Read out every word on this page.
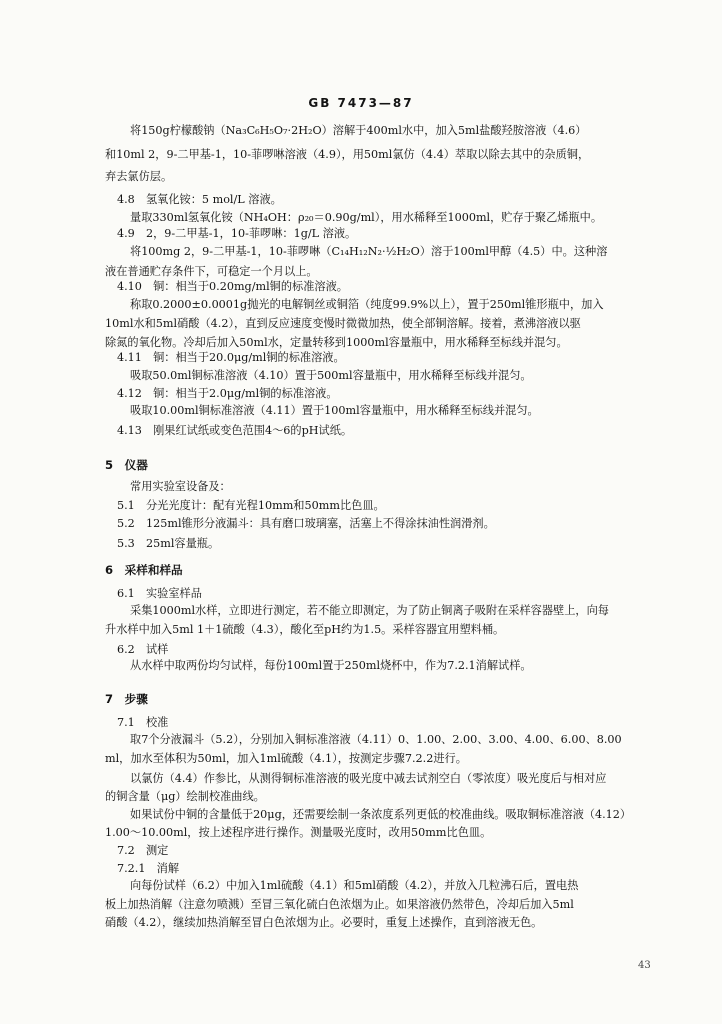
GB 7473—87
将150g柠檬酸钠（Na₃C₆H₅O₇·2H₂O）溶解于400ml水中，加入5ml盐酸羟胺溶液（4.6）
和10ml 2，9-二甲基-1，10-菲啰啉溶液（4.9），用50ml氯仿（4.4）萃取以除去其中的杂质铜，
弃去氯仿层。
4.8　氢氧化铵：5 mol/L 溶液。
量取330ml氢氧化铵（NH₄OH：ρ₂₀＝0.90g/ml），用水稀释至1000ml，贮存于聚乙烯瓶中。
4.9　2，9-二甲基-1，10-菲啰啉：1g/L 溶液。
将100mg 2，9-二甲基-1，10-菲啰啉（C₁₄H₁₂N₂·½H₂O）溶于100ml甲醇（4.5）中。这种溶
液在普通贮存条件下，可稳定一个月以上。
4.10　铜：相当于0.20mg/ml铜的标准溶液。
称取0.2000±0.0001g抛光的电解铜丝或铜箔（纯度99.9%以上），置于250ml锥形瓶中，加入
10ml水和5ml硝酸（4.2），直到反应速度变慢时微微加热，使全部铜溶解。接着，煮沸溶液以驱
除氮的氧化物。冷却后加入50ml水，定量转移到1000ml容量瓶中，用水稀释至标线并混匀。
4.11　铜：相当于20.0μg/ml铜的标准溶液。
吸取50.0ml铜标准溶液（4.10）置于500ml容量瓶中，用水稀释至标线并混匀。
4.12　铜：相当于2.0μg/ml铜的标准溶液。
吸取10.00ml铜标准溶液（4.11）置于100ml容量瓶中，用水稀释至标线并混匀。
4.13　刚果红试纸或变色范围4～6的pH试纸。
5　仪器
常用实验室设备及：
5.1　分光光度计：配有光程10mm和50mm比色皿。
5.2　125ml锥形分液漏斗：具有磨口玻璃塞，活塞上不得涂抹油性润滑剂。
5.3　25ml容量瓶。
6　采样和样品
6.1　实验室样品
采集1000ml水样，立即进行测定，若不能立即测定，为了防止铜离子吸附在采样容器壁上，向每
升水样中加入5ml 1＋1硫酸（4.3），酸化至pH约为1.5。采样容器宜用塑料桶。
6.2　试样
从水样中取两份均匀试样，每份100ml置于250ml烧杯中，作为7.2.1消解试样。
7　步骤
7.1　校准
取7个分液漏斗（5.2），分别加入铜标准溶液（4.11）0、1.00、2.00、3.00、4.00、6.00、8.00
ml，加水至体积为50ml，加入1ml硫酸（4.1），按测定步骤7.2.2进行。
以氯仿（4.4）作参比，从测得铜标准溶液的吸光度中减去试剂空白（零浓度）吸光度后与相对应
的铜含量（μg）绘制校准曲线。
如果试份中铜的含量低于20μg，还需要绘制一条浓度系列更低的校准曲线。吸取铜标准溶液（4.12）
1.00～10.00ml，按上述程序进行操作。测量吸光度时，改用50mm比色皿。
7.2　测定
7.2.1　消解
向每份试样（6.2）中加入1ml硫酸（4.1）和5ml硝酸（4.2），并放入几粒沸石后，置电热
板上加热消解（注意勿喷溅）至冒三氧化硫白色浓烟为止。如果溶液仍然带色，冷却后加入5ml
硝酸（4.2），继续加热消解至冒白色浓烟为止。必要时，重复上述操作，直到溶液无色。
43
